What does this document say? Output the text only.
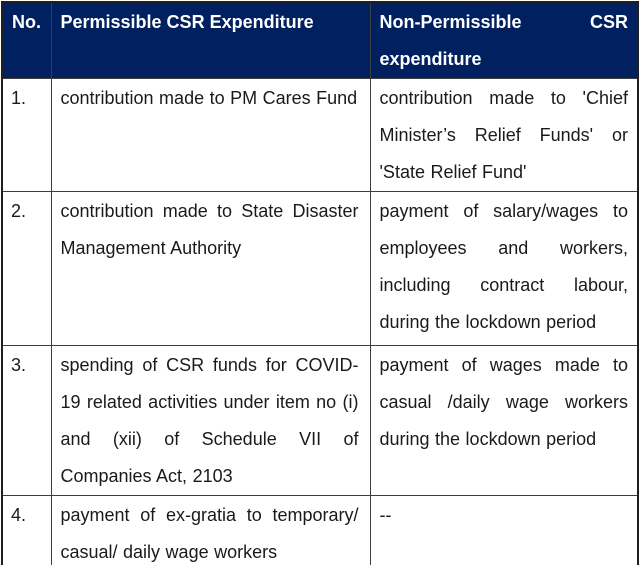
No.	Permissible CSR Expenditure	Non-Permissible CSR expenditure
1.	contribution made to PM Cares Fund	contribution made to 'Chief Minister’s Relief Funds' or 'State Relief Fund'
2.	contribution made to State Disaster Management Authority	payment of salary/wages to employees and workers, including contract labour, during the lockdown period
3.	spending of CSR funds for COVID-19 related activities under item no (i) and (xii) of Schedule VII of Companies Act, 2103	payment of wages made to casual /daily wage workers during the lockdown period
4.	payment of ex-gratia to temporary/ casual/ daily wage workers	--
